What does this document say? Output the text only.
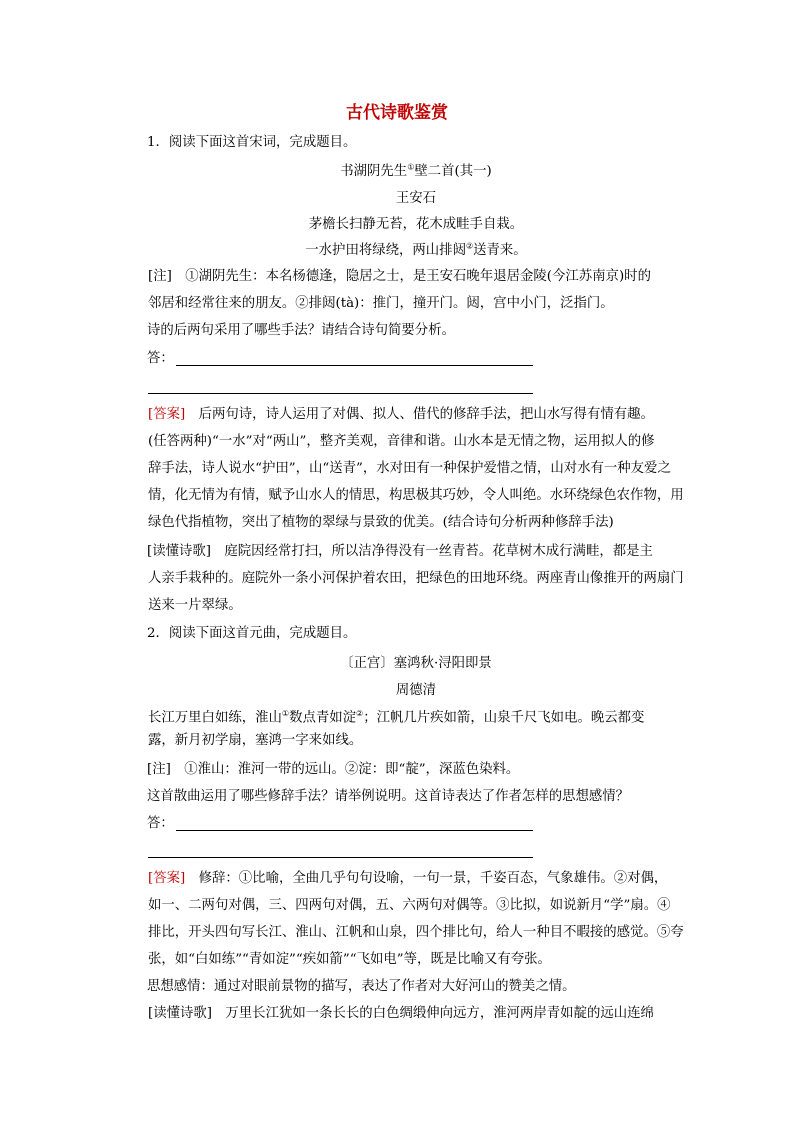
古代诗歌鉴赏
1．阅读下面这首宋词，完成题目。
书湖阴先生①壁二首(其一)
王安石
茅檐长扫静无苔，花木成畦手自栽。
一水护田将绿绕，两山排闼②送青来。
[注]　①湖阴先生：本名杨德逢，隐居之士，是王安石晚年退居金陵(今江苏南京)时的
邻居和经常往来的朋友。②排闼(tà)：推门，撞开门。闼，宫中小门，泛指门。
诗的后两句采用了哪些手法？请结合诗句简要分析。
答：
[答案]　后两句诗，诗人运用了对偶、拟人、借代的修辞手法，把山水写得有情有趣。
(任答两种)“一水”对“两山”，整齐美观，音律和谐。山水本是无情之物，运用拟人的修
辞手法，诗人说水“护田”，山“送青”，水对田有一种保护爱惜之情，山对水有一种友爱之
情，化无情为有情，赋予山水人的情思，构思极其巧妙，令人叫绝。水环绕绿色农作物，用
绿色代指植物，突出了植物的翠绿与景致的优美。(结合诗句分析两种修辞手法)
[读懂诗歌]　庭院因经常打扫，所以洁净得没有一丝青苔。花草树木成行满畦，都是主
人亲手栽种的。庭院外一条小河保护着农田，把绿色的田地环绕。两座青山像推开的两扇门
送来一片翠绿。
2．阅读下面这首元曲，完成题目。
〔正宫〕塞鸿秋·浔阳即景
周德清
长江万里白如练，淮山①数点青如淀②；江帆几片疾如箭，山泉千尺飞如电。晚云都变
露，新月初学扇，塞鸿一字来如线。
[注]　①淮山：淮河一带的远山。②淀：即“靛”，深蓝色染料。
这首散曲运用了哪些修辞手法？请举例说明。这首诗表达了作者怎样的思想感情？
答：
[答案]　修辞：①比喻，全曲几乎句句设喻，一句一景，千姿百态，气象雄伟。②对偶，
如一、二两句对偶，三、四两句对偶，五、六两句对偶等。③比拟，如说新月“学”扇。④
排比，开头四句写长江、淮山、江帆和山泉，四个排比句，给人一种目不暇接的感觉。⑤夸
张，如“白如练”“青如淀”“疾如箭”“飞如电”等，既是比喻又有夸张。
思想感情：通过对眼前景物的描写，表达了作者对大好河山的赞美之情。
[读懂诗歌]　万里长江犹如一条长长的白色绸缎伸向远方，淮河两岸青如靛的远山连绵
